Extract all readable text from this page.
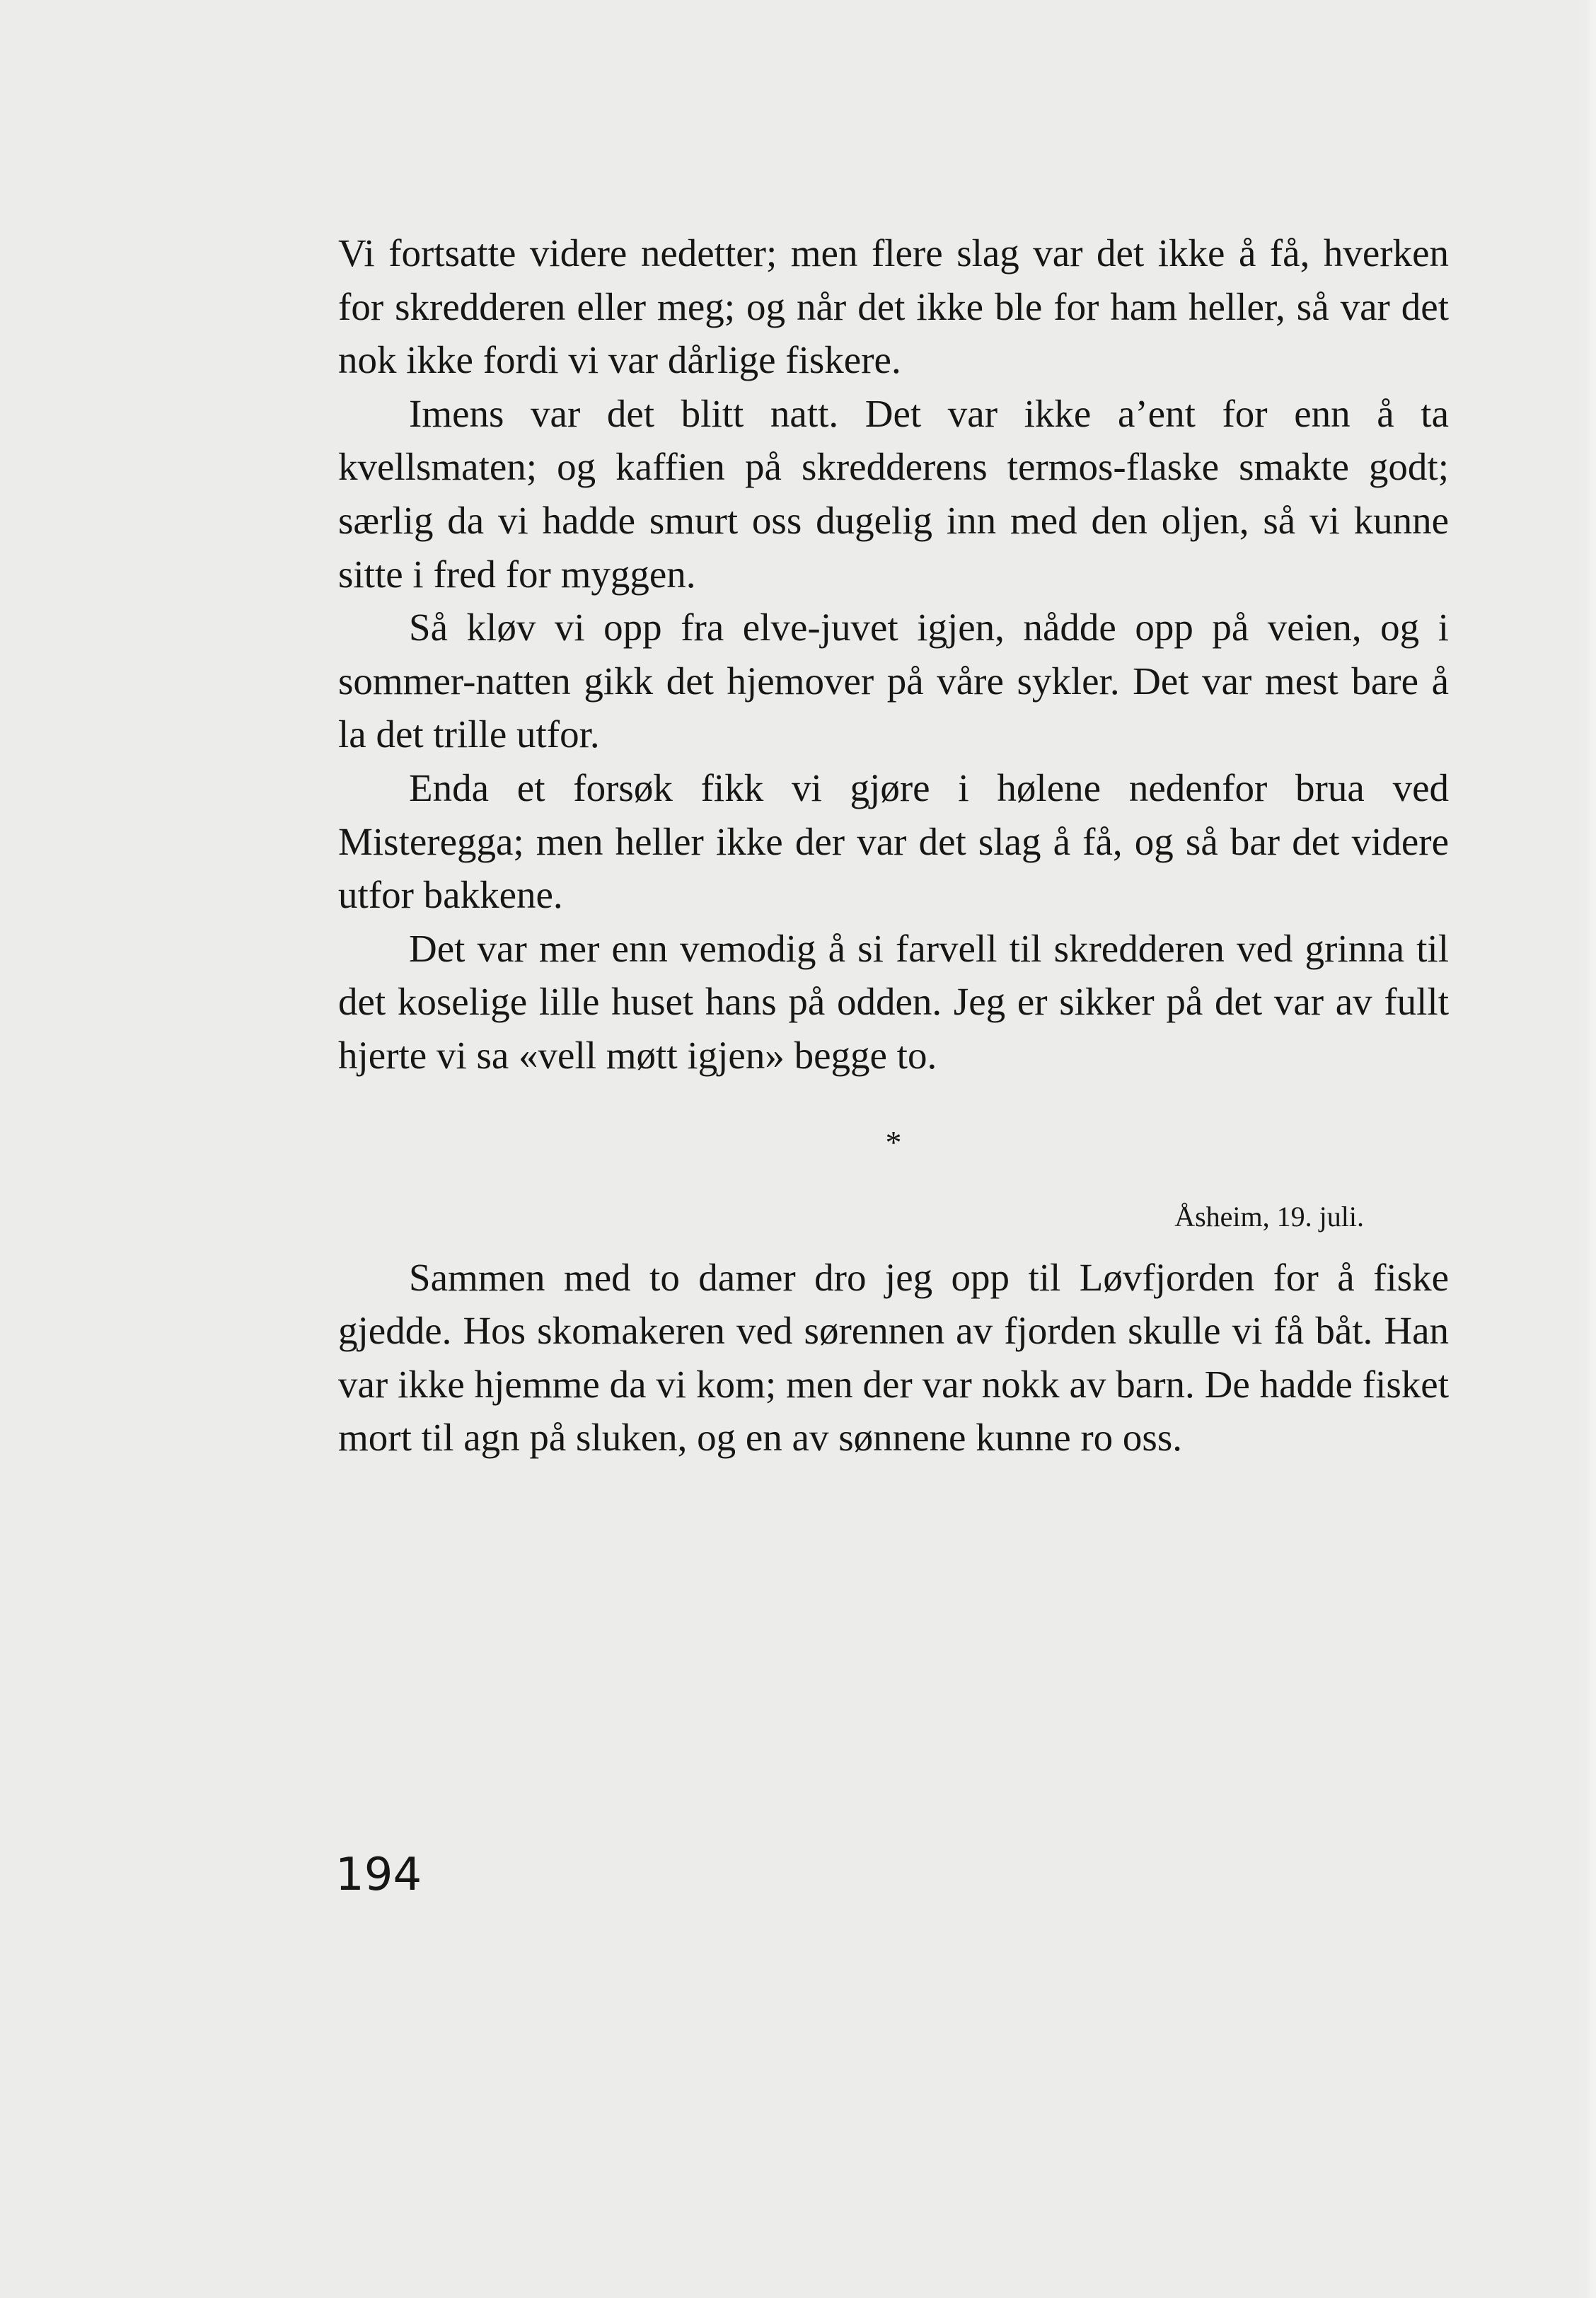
Vi fortsatte videre nedetter; men flere slag var det ikke å få, hverken for skredderen eller meg; og når det ikke ble for ham heller, så var det nok ikke fordi vi var dårlige fiskere.

Imens var det blitt natt. Det var ikke a’ent for enn å ta kvellsmaten; og kaffien på skredderens termos-flaske smakte godt; særlig da vi hadde smurt oss dugelig inn med den oljen, så vi kunne sitte i fred for myggen.

Så kløv vi opp fra elve-juvet igjen, nådde opp på veien, og i sommer-natten gikk det hjemover på våre sykler. Det var mest bare å la det trille utfor.

Enda et forsøk fikk vi gjøre i hølene nedenfor brua ved Misteregga; men heller ikke der var det slag å få, og så bar det videre utfor bakkene.

Det var mer enn vemodig å si farvell til skredderen ved grinna til det koselige lille huset hans på odden. Jeg er sikker på det var av fullt hjerte vi sa «vell møtt igjen» begge to.

*
Åsheim, 19. juli.

Sammen med to damer dro jeg opp til Løvfjorden for å fiske gjedde. Hos skomakeren ved sørennen av fjorden skulle vi få båt. Han var ikke hjemme da vi kom; men der var nokk av barn. De hadde fisket mort til agn på sluken, og en av sønnene kunne ro oss.

194
